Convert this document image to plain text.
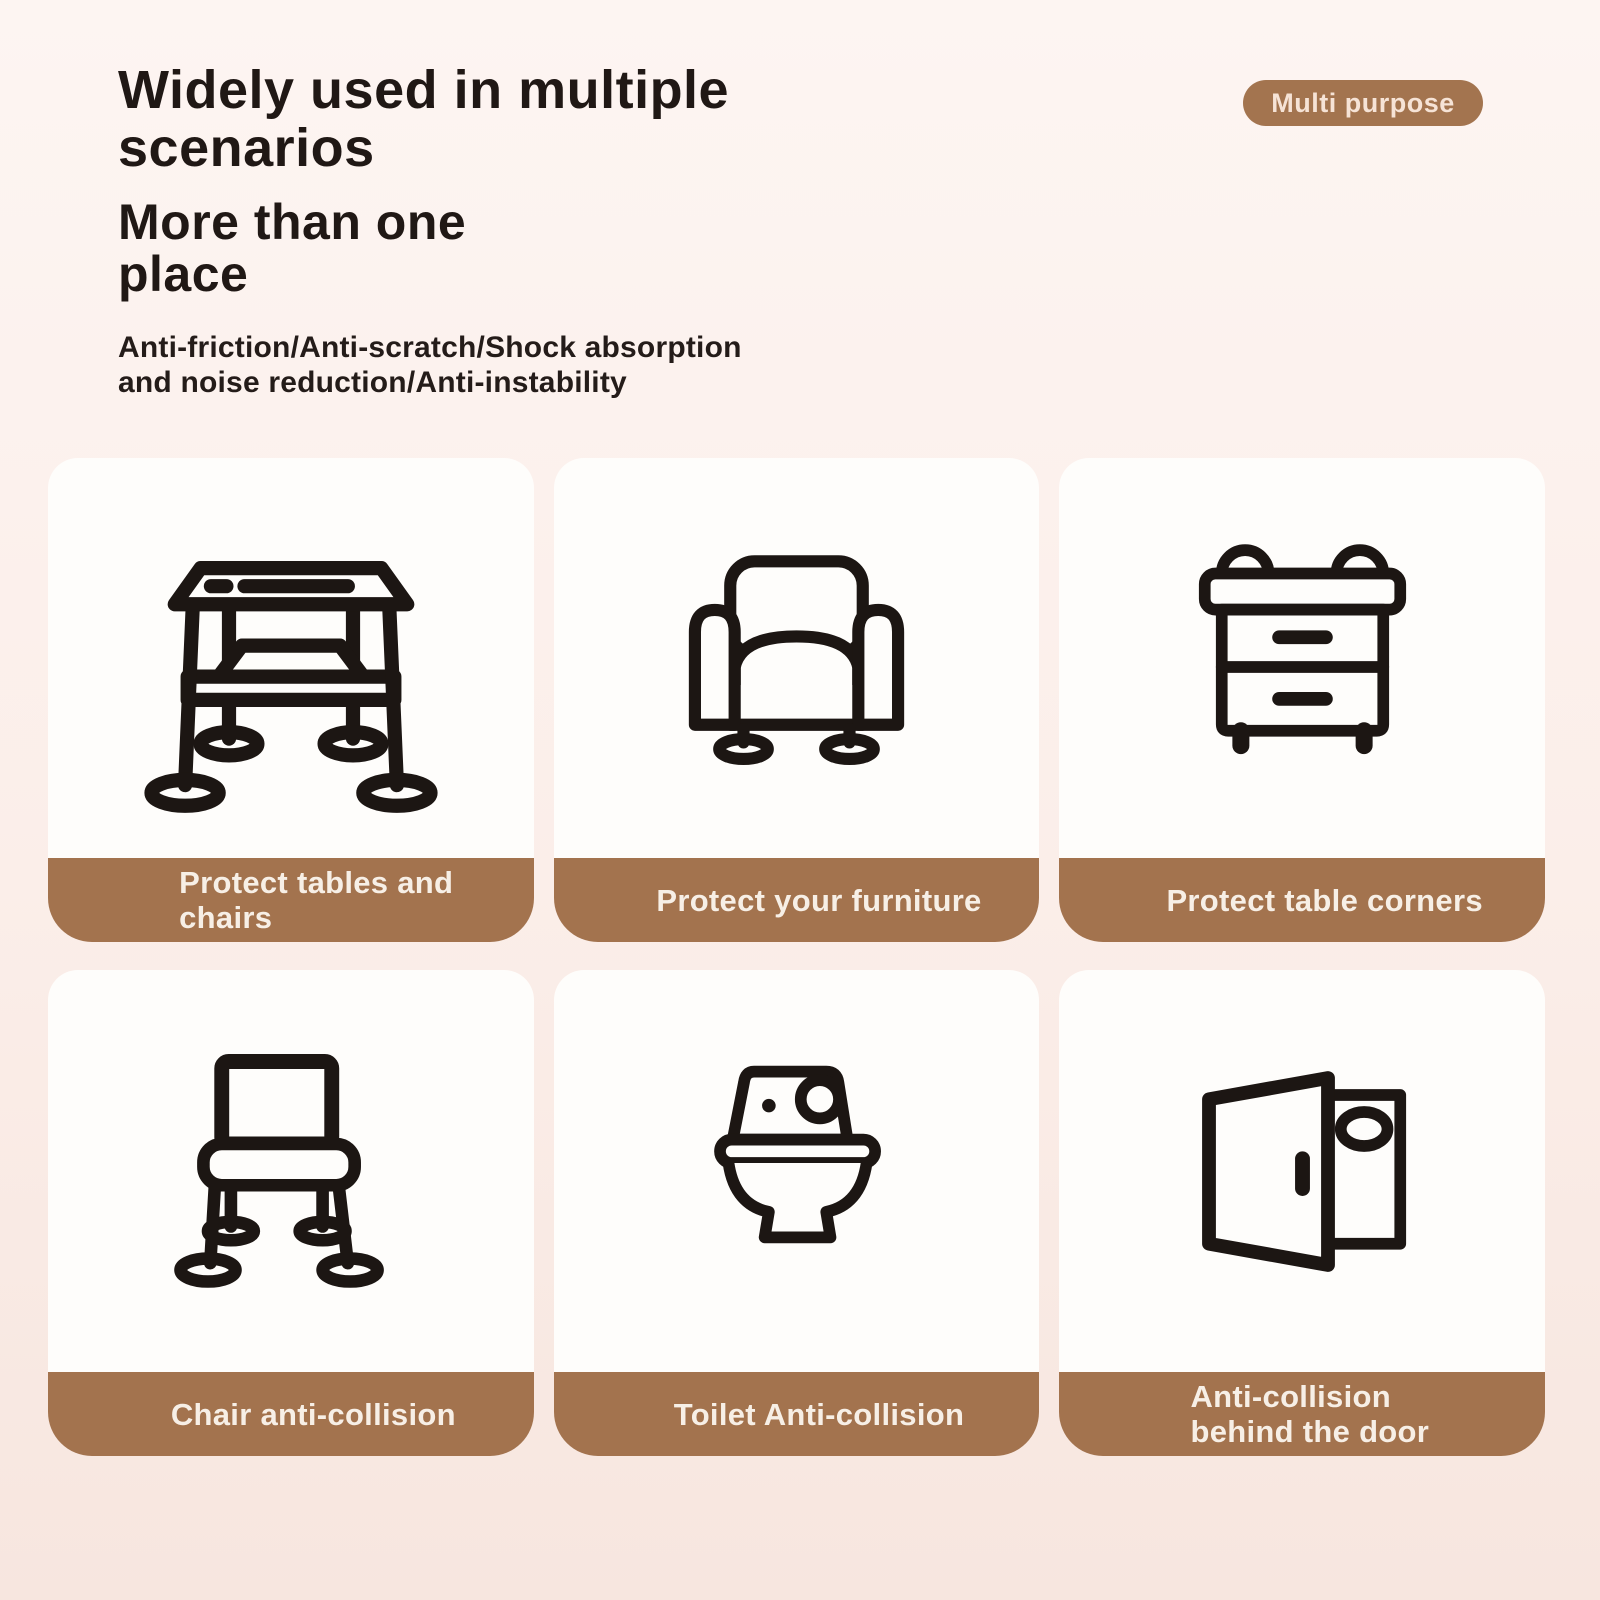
Widely used in multiple
scenarios
More than one
place

Anti-friction/Anti-scratch/Shock absorption
and noise reduction/Anti-instability

Multi purpose
Protect tables and
chairs	Protect your furniture	Protect table corners
Chair anti-collision	Toilet Anti-collision	Anti-collision
behind the door
